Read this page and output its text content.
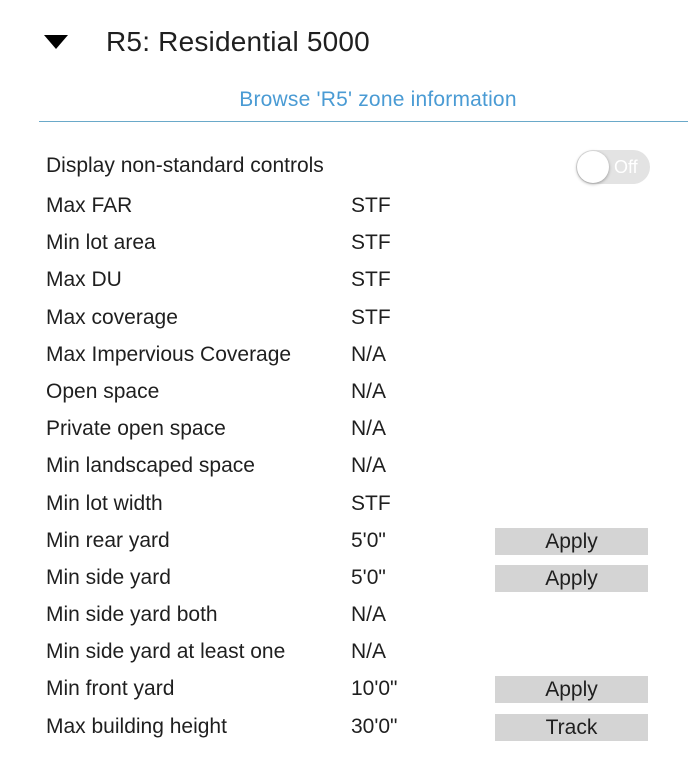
R5: Residential 5000
Browse 'R5' zone information
Display non-standard controls	Off
Max FAR	STF
Min lot area	STF
Max DU	STF
Max coverage	STF
Max Impervious Coverage	N/A
Open space	N/A
Private open space	N/A
Min landscaped space	N/A
Min lot width	STF
Min rear yard	5'0"	Apply
Min side yard	5'0"	Apply
Min side yard both	N/A
Min side yard at least one	N/A
Min front yard	10'0"	Apply
Max building height	30'0"	Track
